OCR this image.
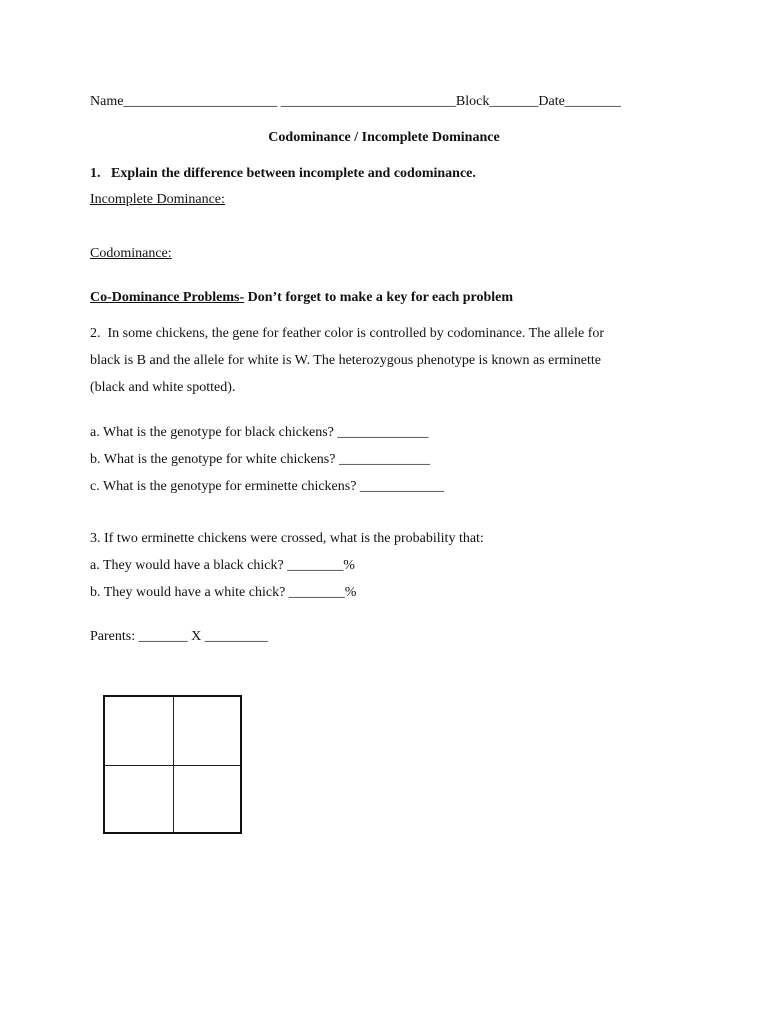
Name______________________ _________________________Block_______Date________
Codominance / Incomplete Dominance
1.   Explain the difference between incomplete and codominance.
Incomplete Dominance:
Codominance:
Co-Dominance Problems- Don’t forget to make a key for each problem
2.  In some chickens, the gene for feather color is controlled by codominance. The allele for
black is B and the allele for white is W. The heterozygous phenotype is known as erminette
(black and white spotted).
a. What is the genotype for black chickens? _____________
b. What is the genotype for white chickens? _____________
c. What is the genotype for erminette chickens? ____________
3. If two erminette chickens were crossed, what is the probability that:
a. They would have a black chick? ________%
b. They would have a white chick? ________%
Parents: _______ X _________
